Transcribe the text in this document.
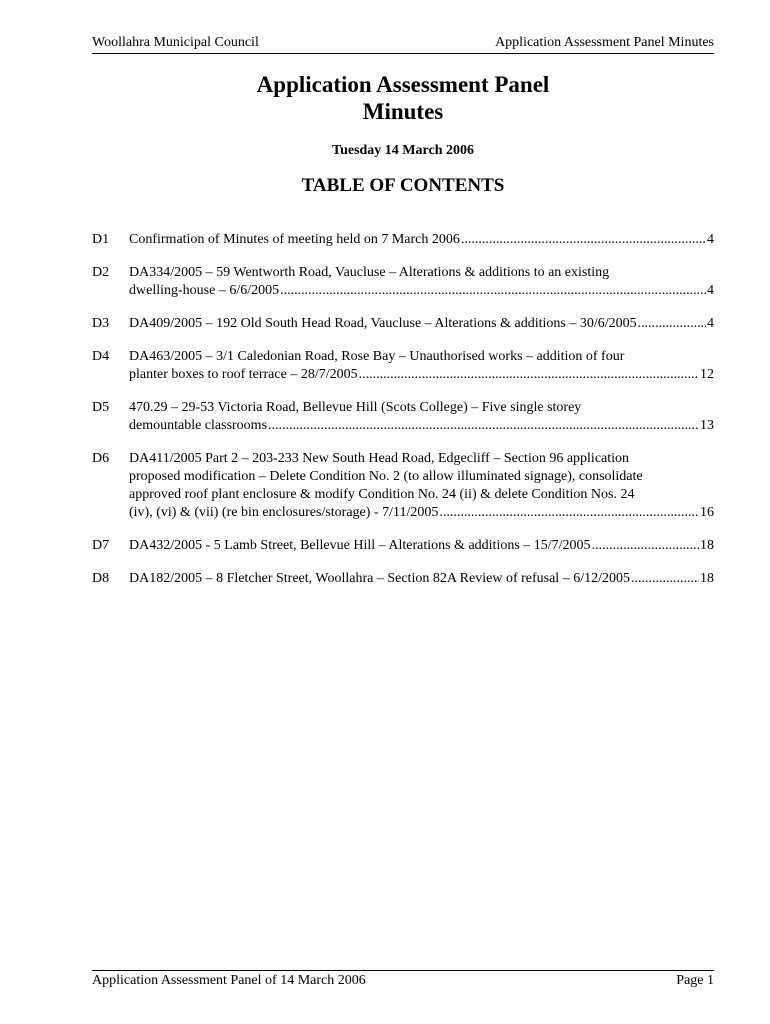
Woollahra Municipal Council	Application Assessment Panel Minutes
Application Assessment Panel
Minutes
Tuesday 14 March 2006
TABLE OF CONTENTS
D1 Confirmation of Minutes of meeting held on 7 March 2006 .....	4
D2 DA334/2005 – 59 Wentworth Road, Vaucluse – Alterations & additions to an existing
dwelling-house – 6/6/2005 .....	4
D3 DA409/2005 – 192 Old South Head Road, Vaucluse – Alterations & additions – 30/6/2005 .....	4
D4 DA463/2005 – 3/1 Caledonian Road, Rose Bay – Unauthorised works – addition of four
planter boxes to roof terrace – 28/7/2005 .....	12
D5 470.29 – 29-53 Victoria Road, Bellevue Hill (Scots College) – Five single storey
demountable classrooms .....	13
D6 DA411/2005 Part 2 – 203-233 New South Head Road, Edgecliff – Section 96 application
proposed modification – Delete Condition No. 2 (to allow illuminated signage), consolidate
approved roof plant enclosure & modify Condition No. 24 (ii) & delete Condition Nos. 24
(iv), (vi) & (vii) (re bin enclosures/storage) - 7/11/2005 .....	16
D7 DA432/2005 - 5 Lamb Street, Bellevue Hill – Alterations & additions – 15/7/2005 .....	18
D8 DA182/2005 – 8 Fletcher Street, Woollahra – Section 82A Review of refusal – 6/12/2005 .....	18
Application Assessment Panel of 14 March 2006	Page 1
